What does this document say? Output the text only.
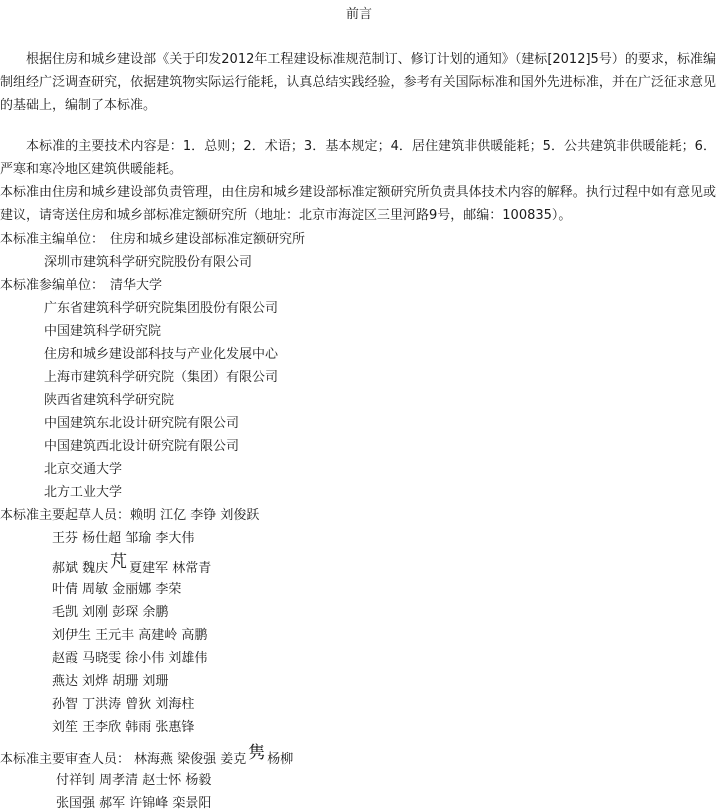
前言

根据住房和城乡建设部《关于印发2012年工程建设标准规范制订、修订计划的通知》（建标[2012]5号）的要求，标准编制组经广泛调查研究，依据建筑物实际运行能耗，认真总结实践经验，参考有关国际标准和国外先进标准，并在广泛征求意见的基础上，编制了本标准。

本标准的主要技术内容是：1．总则；2．术语；3．基本规定；4．居住建筑非供暖能耗；5．公共建筑非供暖能耗；6．严寒和寒冷地区建筑供暖能耗。

本标准由住房和城乡建设部负责管理，由住房和城乡建设部标准定额研究所负责具体技术内容的解释。执行过程中如有意见或建议，请寄送住房和城乡部标准定额研究所（地址：北京市海淀区三里河路9号，邮编：100835）。

本标准主编单位： 住房和城乡建设部标准定额研究所
深圳市建筑科学研究院股份有限公司
本标准参编单位： 清华大学
广东省建筑科学研究院集团股份有限公司
中国建筑科学研究院
住房和城乡建设部科技与产业化发展中心
上海市建筑科学研究院（集团）有限公司
陕西省建筑科学研究院
中国建筑东北设计研究院有限公司
中国建筑西北设计研究院有限公司
北京交通大学
北方工业大学
本标准主要起草人员：赖明 江亿 李铮 刘俊跃
王芬 杨仕超 邹瑜 李大伟
郝斌 魏庆 芃 夏建军 林常青
叶倩 周敏 金丽娜 李荣
毛凯 刘刚 彭琛 余鹏
刘伊生 王元丰 高建岭 高鹏
赵霞 马晓雯 徐小伟 刘雄伟
燕达 刘烨 胡珊 刘珊
孙智 丁洪涛 曾狄 刘海柱
刘笙 王李欣 韩雨 张惠锋
本标准主要审查人员： 林海燕 梁俊强 姜克 隽 杨柳
付祥钊 周孝清 赵士怀 杨毅
张国强 郝军 许锦峰 栾景阳
